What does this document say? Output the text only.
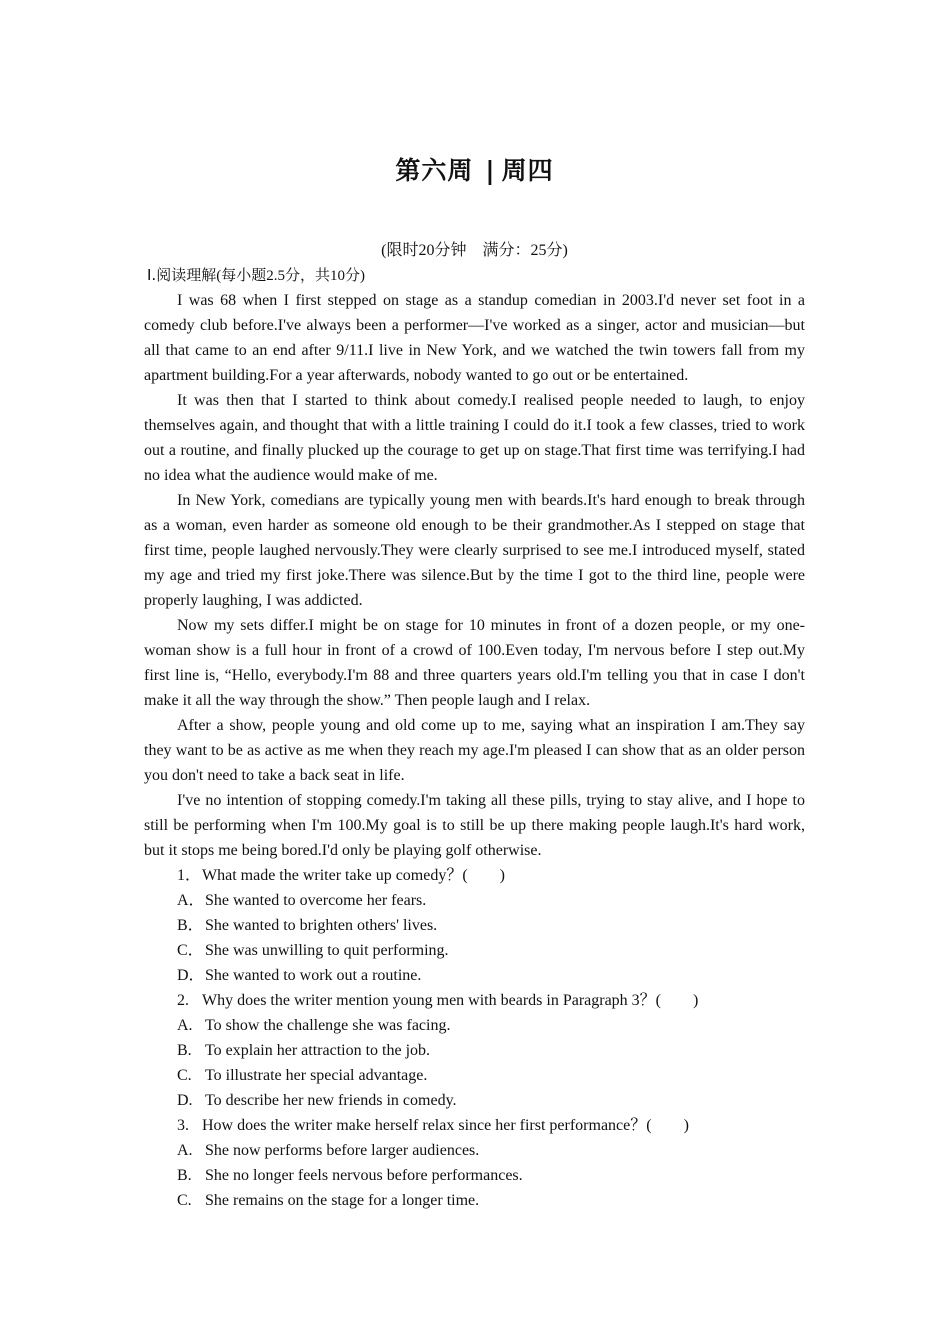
第六周 | 周四
(限时20分钟　满分：25分)
Ⅰ.阅读理解(每小题2.5分，共10分)

I was 68 when I first stepped on stage as a standup comedian in 2003.I'd never set foot in a comedy club before.I've always been a performer—I've worked as a singer, actor and musician—but all that came to an end after 9/11.I live in New York, and we watched the twin towers fall from my apartment building.For a year afterwards, nobody wanted to go out or be entertained.

It was then that I started to think about comedy.I realised people needed to laugh, to enjoy themselves again, and thought that with a little training I could do it.I took a few classes, tried to work out a routine, and finally plucked up the courage to get up on stage.That first time was terrifying.I had no idea what the audience would make of me.

In New York, comedians are typically young men with beards.It's hard enough to break through as a woman, even harder as someone old enough to be their grandmother.As I stepped on stage that first time, people laughed nervously.They were clearly surprised to see me.I introduced myself, stated my age and tried my first joke.There was silence.But by the time I got to the third line, people were properly laughing, I was addicted.

Now my sets differ.I might be on stage for 10 minutes in front of a dozen people, or my one-woman show is a full hour in front of a crowd of 100.Even today, I'm nervous before I step out.My first line is, “Hello, everybody.I'm 88 and three quarters years old.I'm telling you that in case I don't make it all the way through the show.” Then people laugh and I relax.

After a show, people young and old come up to me, saying what an inspiration I am.They say they want to be as active as me when they reach my age.I'm pleased I can show that as an older person you don't need to take a back seat in life.

I've no intention of stopping comedy.I'm taking all these pills, trying to stay alive, and I hope to still be performing when I'm 100.My goal is to still be up there making people laugh.It's hard work, but it stops me being bored.I'd only be playing golf otherwise.

1．What made the writer take up comedy？(　　)
A．She wanted to overcome her fears.
B．She wanted to brighten others' lives.
C．She was unwilling to quit performing.
D．She wanted to work out a routine.
2. Why does the writer mention young men with beards in Paragraph 3？(　　)
A. To show the challenge she was facing.
B. To explain her attraction to the job.
C. To illustrate her special advantage.
D. To describe her new friends in comedy.
3. How does the writer make herself relax since her first performance？(　　)
A. She now performs before larger audiences.
B. She no longer feels nervous before performances.
C. She remains on the stage for a longer time.
